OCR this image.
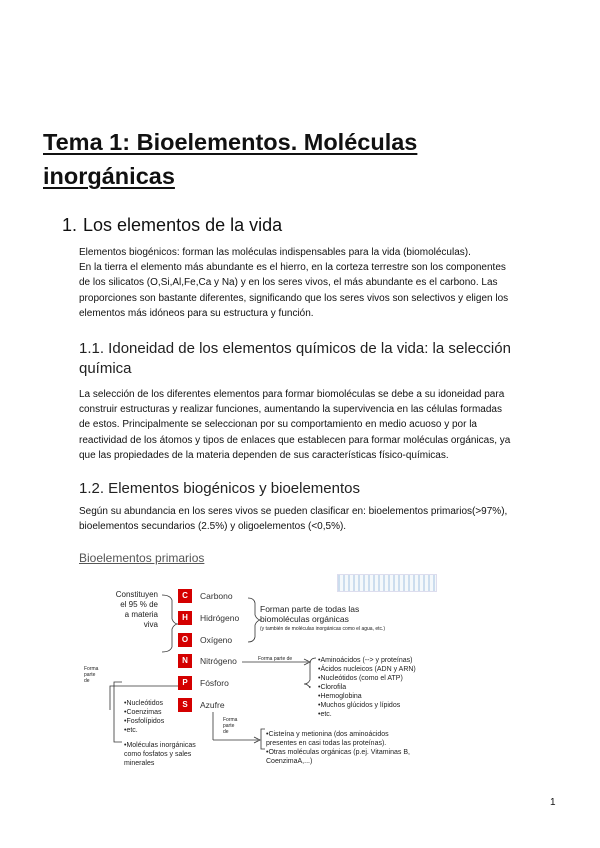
Tema 1: Bioelementos. Moléculas inorgánicas
1. Los elementos de la vida
Elementos biogénicos: forman las moléculas indispensables para la vida (biomoléculas).
En la tierra el elemento más abundante es el hierro, en la corteza terrestre son los componentes
de los silicatos (O,Si,Al,Fe,Ca y Na) y en los seres vivos, el más abundante es el carbono. Las
proporciones son bastante diferentes, significando que los seres vivos son selectivos y eligen los
elementos más idóneos para su estructura y función.
1.1. Idoneidad de los elementos químicos de la vida: la selección química
La selección de los diferentes elementos para formar biomoléculas se debe a su idoneidad para
construir estructuras y realizar funciones, aumentando la supervivencia en las células formadas
de estos. Principalmente se seleccionan por su comportamiento en medio acuoso y por la
reactividad de los átomos y tipos de enlaces que establecen para formar moléculas orgánicas, ya
que las propiedades de la materia dependen de sus características físico-químicas.
1.2. Elementos biogénicos y bioelementos
Según su abundancia en los seres vivos se pueden clasificar en: bioelementos primarios(>97%),
bioelementos secundarios (2.5%) y oligoelementos (<0,5%).
Bioelementos primarios
Constituyen
el 95 % de
a materia
viva
C	Carbono
H	Hidrógeno
O	Oxígeno
N	Nitrógeno
P	Fósforo
S	Azufre
Forman parte de todas las
biomoléculas orgánicas
(y también de moléculas inorgánicas como el agua, etc.)
Forma parte de	•Aminoácidos (--> y proteínas)
•Ácidos nucleicos (ADN y ARN)
•Nucleótidos (como el ATP)
•Clorofila
•Hemoglobina
•Muchos glúcidos y lípidos
•etc.
Forma
parte
de
•Nucleótidos
•Coenzimas
•Fosfolípidos
•etc.
•Moléculas inorgánicas
como fosfatos y sales
minerales
Forma
parte
de	•Cisteína y metionina (dos aminoácidos
presentes en casi todas las proteínas).
•Otras moléculas orgánicas (p.ej. Vitaminas B,
CoenzimaA,...)
1
